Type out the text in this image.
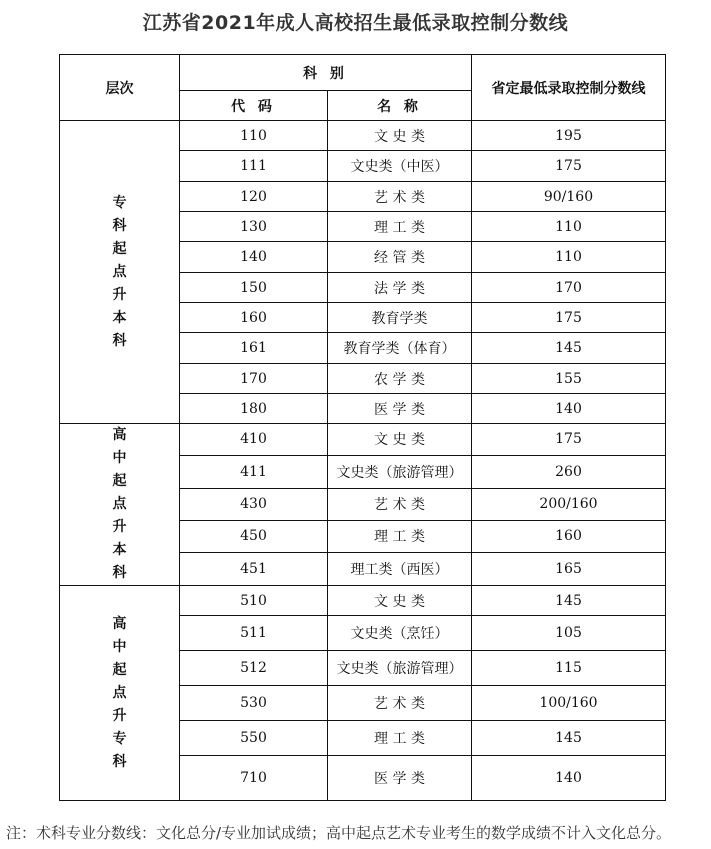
江苏省2021年成人高校招生最低录取控制分数线
层次	科 别		省定最低录取控制分数线
	代 码	名 称	
专科起点升本科	110	文 史 类	195
	111	文史类（中医）	175
	120	艺 术 类	90/160
	130	理 工 类	110
	140	经 管 类	110
	150	法 学 类	170
	160	教育学类	175
	161	教育学类（体育）	145
	170	农 学 类	155
	180	医 学 类	140
高中起点升本科	410	文 史 类	175
	411	文史类（旅游管理）	260
	430	艺 术 类	200/160
	450	理 工 类	160
	451	理工类（西医）	165
高中起点升专科	510	文 史 类	145
	511	文史类（烹饪）	105
	512	文史类（旅游管理）	115
	530	艺 术 类	100/160
	550	理 工 类	145
	710	医 学 类	140
注：术科专业分数线：文化总分/专业加试成绩；高中起点艺术专业考生的数学成绩不计入文化总分。
